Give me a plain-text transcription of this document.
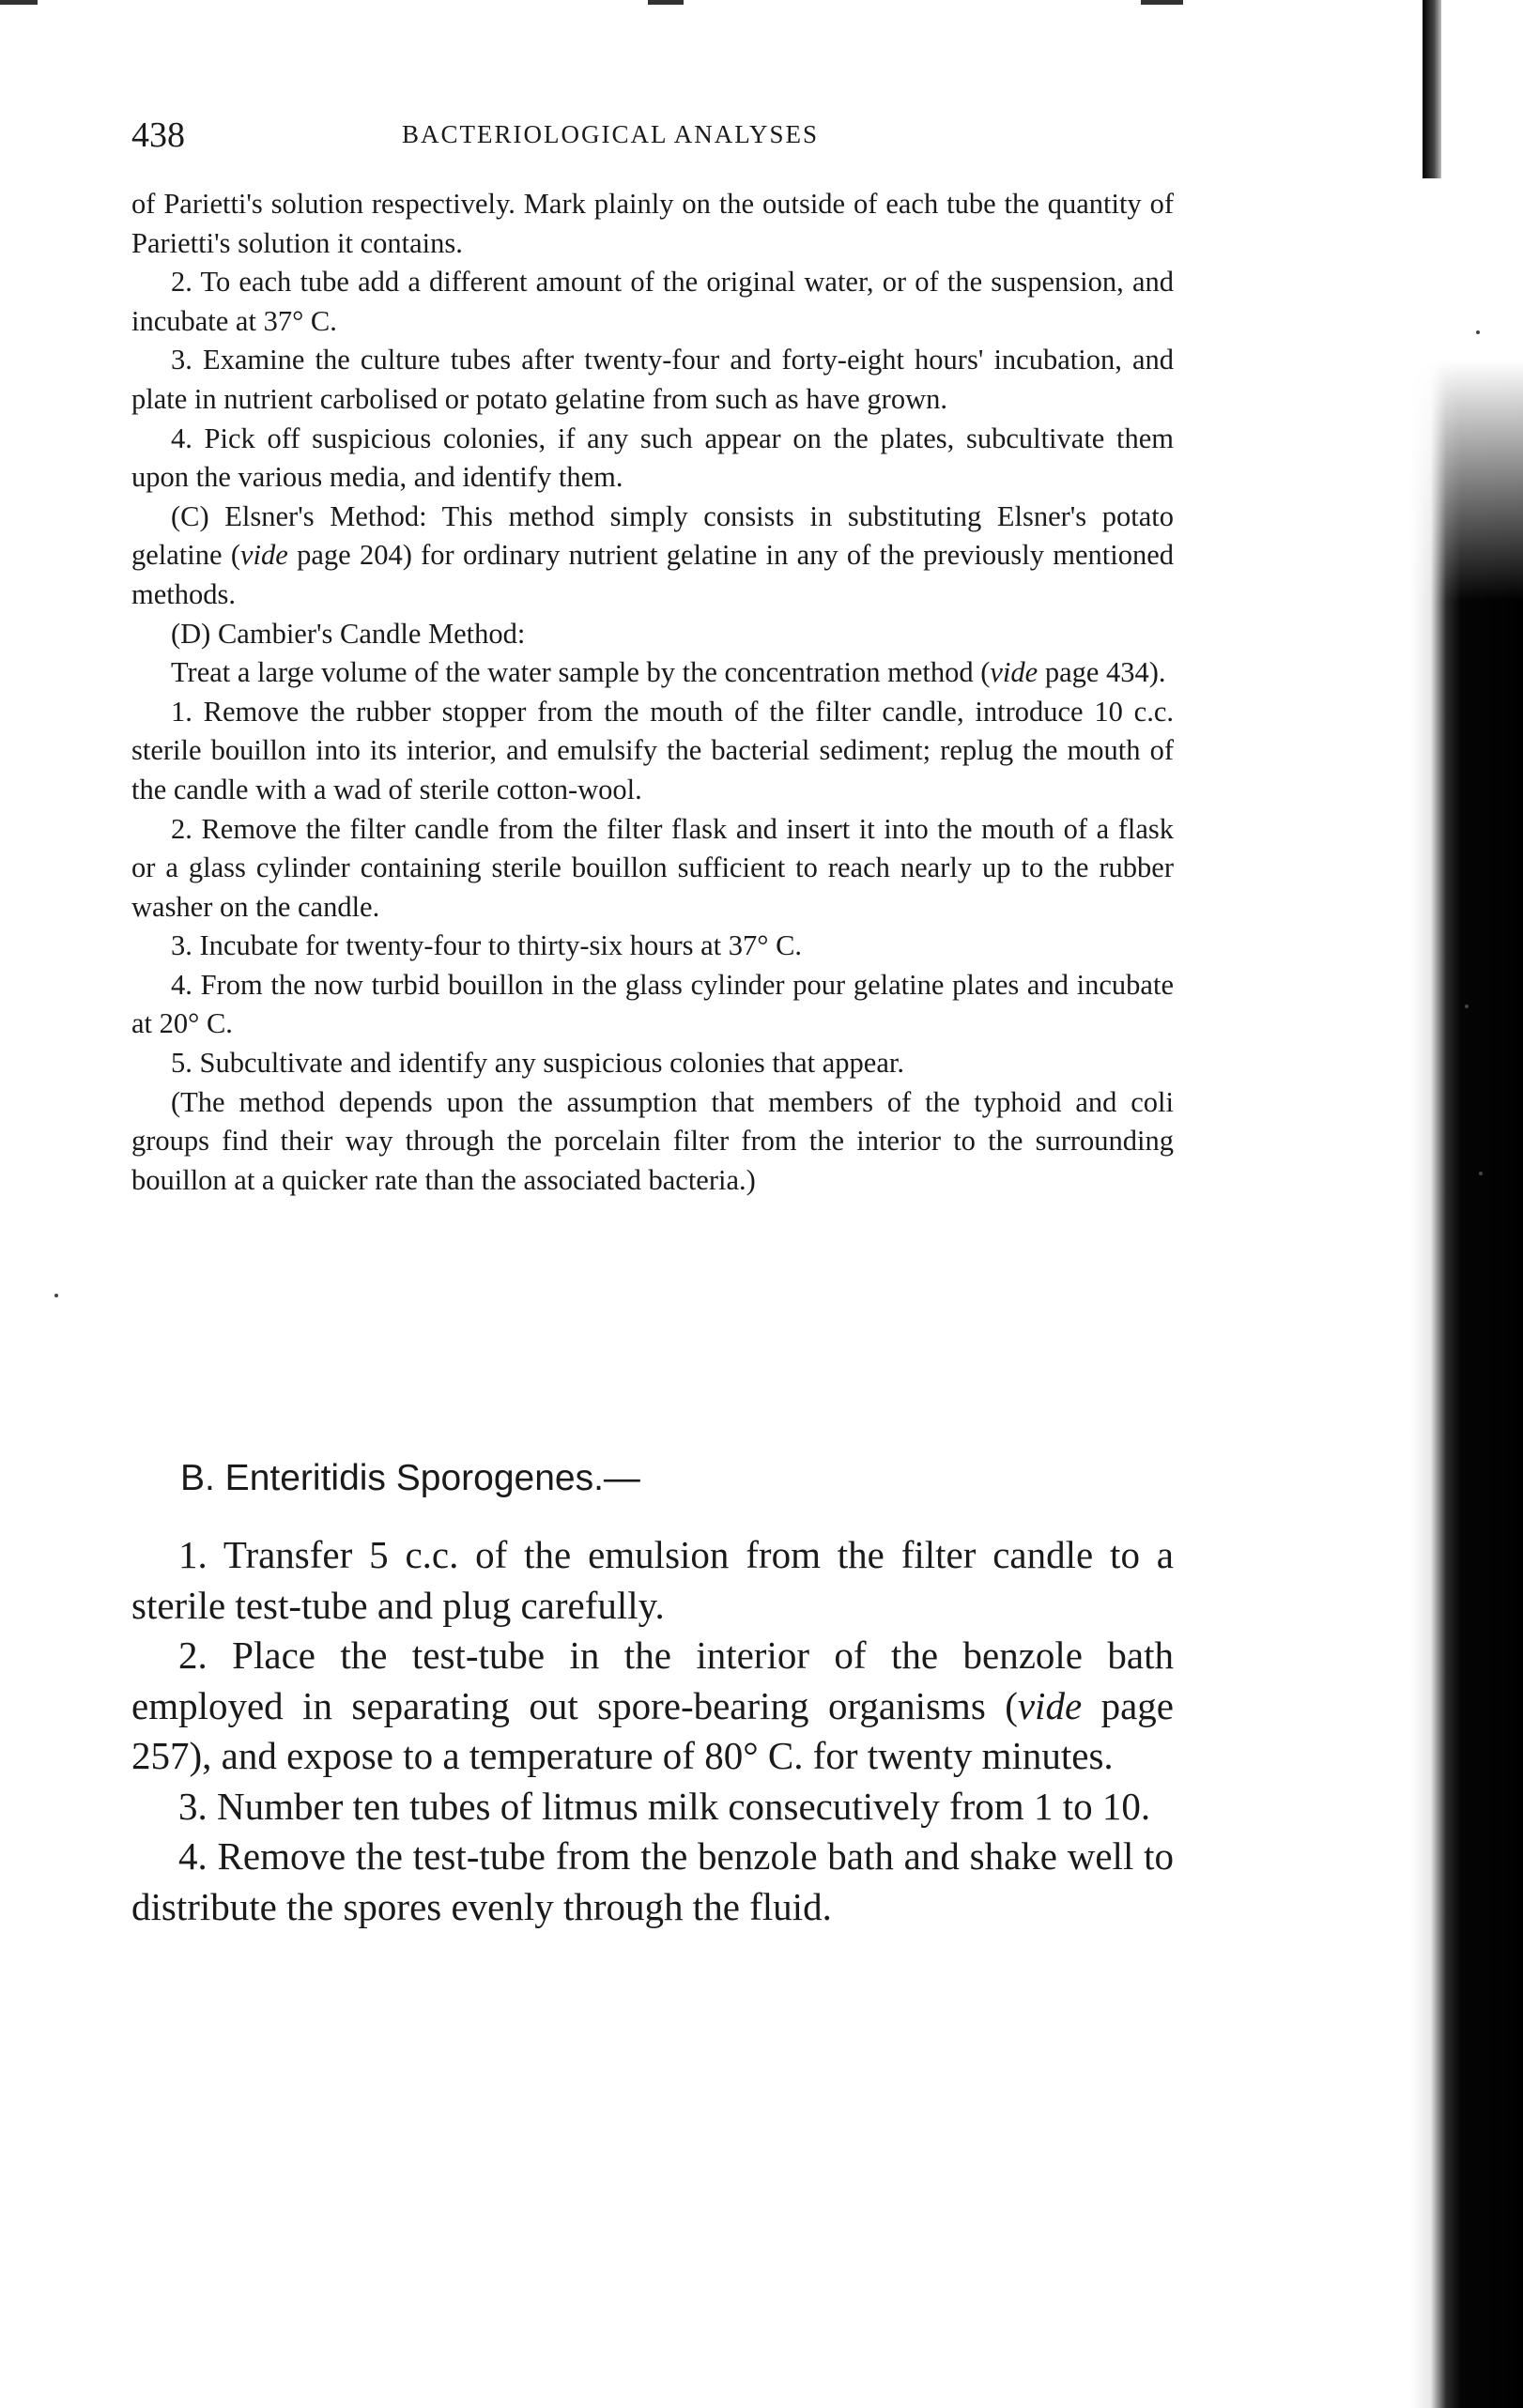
438	BACTERIOLOGICAL ANALYSES

of Parietti's solution respectively. Mark plainly on the outside of each tube the quantity of Parietti's solution it contains.

2. To each tube add a different amount of the original water, or of the suspension, and incubate at 37° C.

3. Examine the culture tubes after twenty-four and forty-eight hours' incubation, and plate in nutrient carbolised or potato gelatine from such as have grown.

4. Pick off suspicious colonies, if any such appear on the plates, subcultivate them upon the various media, and identify them.

(C) Elsner's Method: This method simply consists in substituting Elsner's potato gelatine (vide page 204) for ordinary nutrient gelatine in any of the previously mentioned methods.

(D) Cambier's Candle Method:

Treat a large volume of the water sample by the concentration method (vide page 434).

1. Remove the rubber stopper from the mouth of the filter candle, introduce 10 c.c. sterile bouillon into its interior, and emulsify the bacterial sediment; replug the mouth of the candle with a wad of sterile cotton-wool.

2. Remove the filter candle from the filter flask and insert it into the mouth of a flask or a glass cylinder containing sterile bouillon sufficient to reach nearly up to the rubber washer on the candle.

3. Incubate for twenty-four to thirty-six hours at 37° C.

4. From the now turbid bouillon in the glass cylinder pour gelatine plates and incubate at 20° C.

5. Subcultivate and identify any suspicious colonies that appear.

(The method depends upon the assumption that members of the typhoid and coli groups find their way through the porcelain filter from the interior to the surrounding bouillon at a quicker rate than the associated bacteria.)

B. Enteritidis Sporogenes.—

1. Transfer 5 c.c. of the emulsion from the filter candle to a sterile test-tube and plug carefully.

2. Place the test-tube in the interior of the benzole bath employed in separating out spore-bearing organisms (vide page 257), and expose to a temperature of 80° C. for twenty minutes.

3. Number ten tubes of litmus milk consecutively from 1 to 10.

4. Remove the test-tube from the benzole bath and shake well to distribute the spores evenly through the fluid.
